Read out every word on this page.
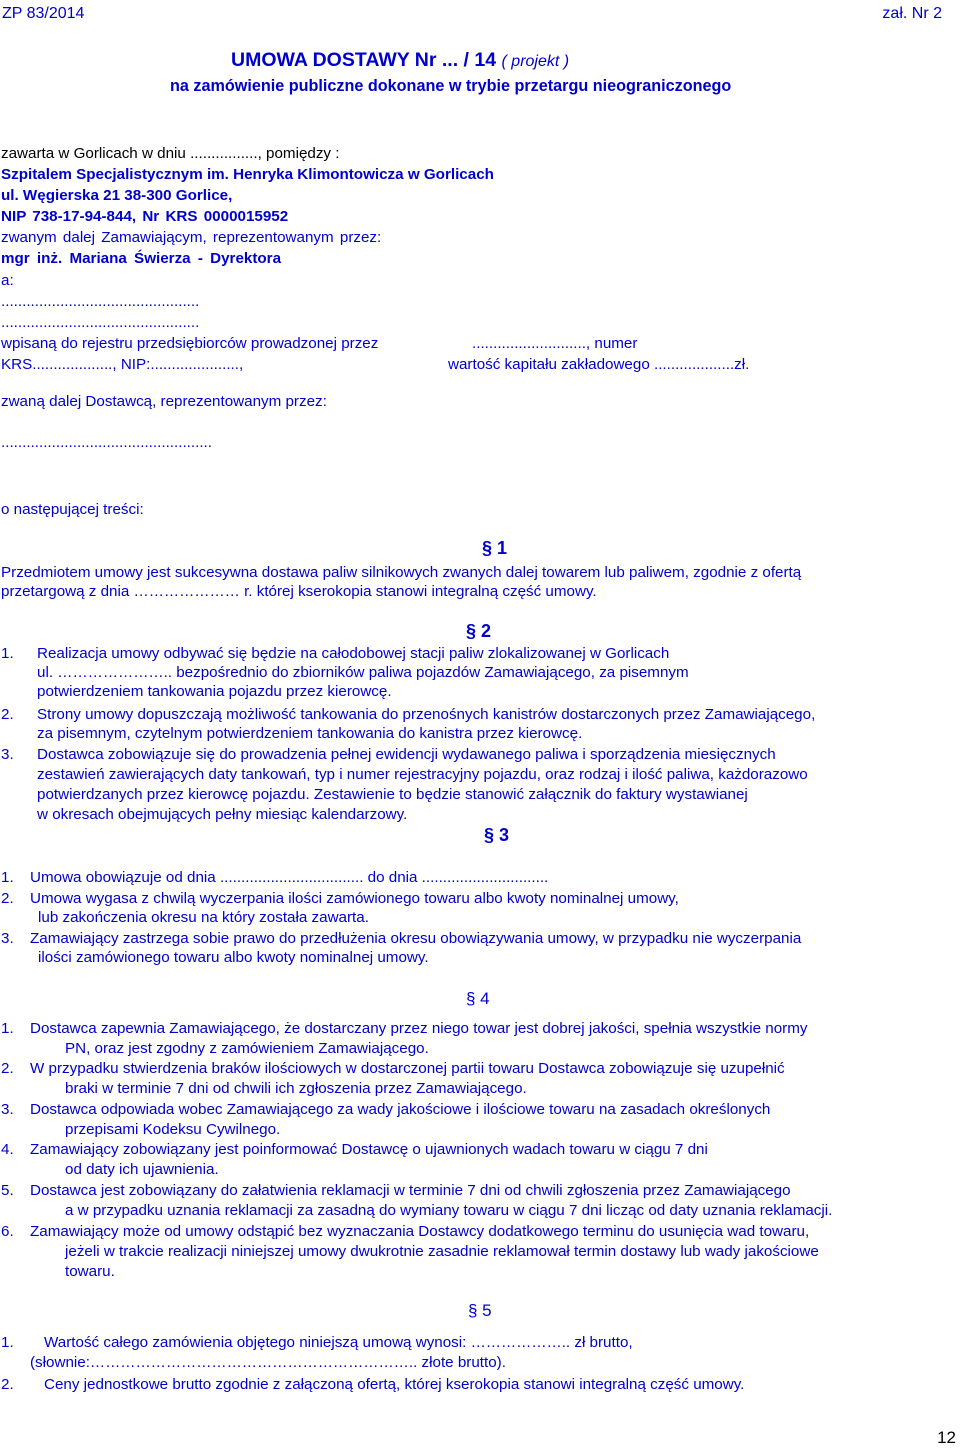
ZP 83/2014	zał. Nr 2
UMOWA DOSTAWY Nr ... / 14 ( projekt )
na zamówienie publiczne dokonane w trybie przetargu nieograniczonego
zawarta w Gorlicach w dniu ................, pomiędzy :
Szpitalem Specjalistycznym im. Henryka Klimontowicza w Gorlicach
ul. Węgierska 21 38-300 Gorlice,
NIP 738-17-94-844, Nr KRS 0000015952
zwanym dalej Zamawiającym, reprezentowanym przez:
mgr inż. Mariana Świerza - Dyrektora
a:
...............................................
...............................................
wpisaną do rejestru przedsiębiorców prowadzonej przez	..........................., numer
KRS..................., NIP:.....................,	wartość kapitału zakładowego ...................zł.
zwaną dalej Dostawcą, reprezentowanym przez:
..................................................
o następującej treści:
§ 1
Przedmiotem umowy jest sukcesywna dostawa paliw silnikowych zwanych dalej towarem lub paliwem, zgodnie z ofertą
przetargową z dnia ………………… r. której kserokopia stanowi integralną część umowy.
§ 2
1. Realizacja umowy odbywać się będzie na całodobowej stacji paliw zlokalizowanej w Gorlicach
ul. ………………….. bezpośrednio do zbiorników paliwa pojazdów Zamawiającego, za pisemnym
potwierdzeniem tankowania pojazdu przez kierowcę.
2. Strony umowy dopuszczają możliwość tankowania do przenośnych kanistrów dostarczonych przez Zamawiającego,
za pisemnym, czytelnym potwierdzeniem tankowania do kanistra przez kierowcę.
3. Dostawca zobowiązuje się do prowadzenia pełnej ewidencji wydawanego paliwa i sporządzenia miesięcznych
zestawień zawierających daty tankowań, typ i numer rejestracyjny pojazdu, oraz rodzaj i ilość paliwa, każdorazowo
potwierdzanych przez kierowcę pojazdu. Zestawienie to będzie stanowić załącznik do faktury wystawianej
w okresach obejmujących pełny miesiąc kalendarzowy.
§ 3
1. Umowa obowiązuje od dnia .................................. do dnia ..............................
2. Umowa wygasa z chwilą wyczerpania ilości zamówionego towaru albo kwoty nominalnej umowy,
lub zakończenia okresu na który została zawarta.
3. Zamawiający zastrzega sobie prawo do przedłużenia okresu obowiązywania umowy, w przypadku nie wyczerpania
ilości zamówionego towaru albo kwoty nominalnej umowy.
§ 4
1. Dostawca zapewnia Zamawiającego, że dostarczany przez niego towar jest dobrej jakości, spełnia wszystkie normy
PN, oraz jest zgodny z zamówieniem Zamawiającego.
2. W przypadku stwierdzenia braków ilościowych w dostarczonej partii towaru Dostawca zobowiązuje się uzupełnić
braki w terminie 7 dni od chwili ich zgłoszenia przez Zamawiającego.
3. Dostawca odpowiada wobec Zamawiającego za wady jakościowe i ilościowe towaru na zasadach określonych
przepisami Kodeksu Cywilnego.
4. Zamawiający zobowiązany jest poinformować Dostawcę o ujawnionych wadach towaru w ciągu 7 dni
od daty ich ujawnienia.
5. Dostawca jest zobowiązany do załatwienia reklamacji w terminie 7 dni od chwili zgłoszenia przez Zamawiającego
a w przypadku uznania reklamacji za zasadną do wymiany towaru w ciągu 7 dni licząc od daty uznania reklamacji.
6. Zamawiający może od umowy odstąpić bez wyznaczania Dostawcy dodatkowego terminu do usunięcia wad towaru,
jeżeli w trakcie realizacji niniejszej umowy dwukrotnie zasadnie reklamował termin dostawy lub wady jakościowe
towaru.
§ 5
1. Wartość całego zamówienia objętego niniejszą umową wynosi: ……………….. zł brutto,
(słownie:……………………………………………………….. złote brutto).
2. Ceny jednostkowe brutto zgodnie z załączoną ofertą, której kserokopia stanowi integralną część umowy.
12
